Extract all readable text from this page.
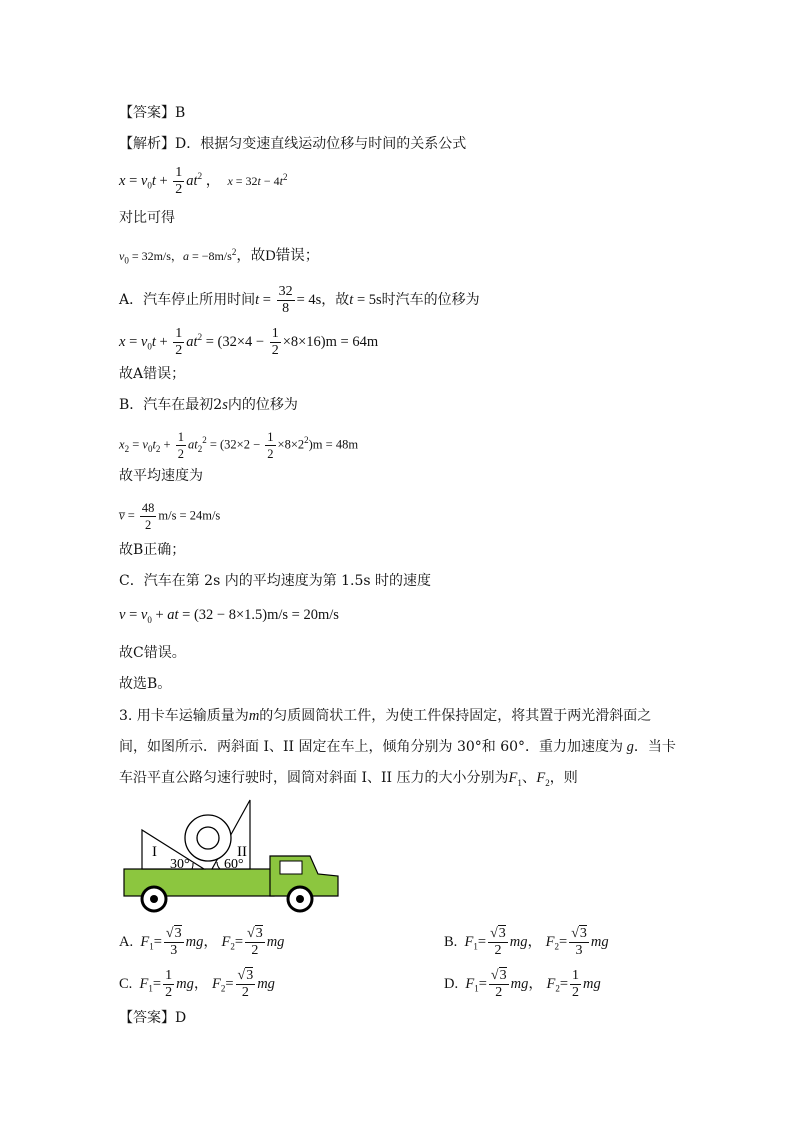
【答案】B
【解析】D．根据匀变速直线运动位移与时间的关系公式
$x = v_0t + \frac{1}{2} at^2$ ，  $x = 32t - 4t^2$
对比可得
$v_0 = 32m/s$，$a = -8m/s^2$，故D错误；
A．汽车停止所用时间$t = \frac{32}{8} = 4s$，故t = 5s时汽车的位移为
$x = v_0t + \frac{1}{2} at^2 = (32\times 4 - \frac{1}{2} \times 8\times 16)m = 64m$
故A错误；
B．汽车在最初2s内的位移为
$x_2 = v_0t_2 + \frac{1}{2} at_2^2 = (32\times 2 - \frac{1}{2} \times 8\times 2^2)m = 48m$
故平均速度为
v̅ = $\frac{48}{2} m/s = 24m/s$
故B正确；
C．汽车在第 2s 内的平均速度为第 1.5s 时的速度
$v = v_0$ + at = (32 − 8×1.5)m/s = 20m/s
故C错误。
故选B。
3. 用卡车运输质量为m的匀质圆筒状工件，为使工件保持固定，将其置于两光滑斜面之
间，如图所示．两斜面 I、II 固定在车上，倾角分别为 30°和 60°．重力加速度为 g．当卡
车沿平直公路匀速行驶时，圆筒对斜面 I、II 压力的大小分别为$F_1$、$F_2$，则
I	II
30° 60°
A. $F_1= \frac{√3}{3}$ mg， $F_2= \frac{√3}{2}$ mg	B. $F_1= \frac{√3}{2}$ mg， $F_2= \frac{√3}{3}$ mg
C. $F_1= \frac{1}{2}$ mg， $F_2= \frac{√3}{2}$ mg	D. $F_1= \frac{√3}{2}$ mg， $F_2= \frac{1}{2}$ mg
【答案】D
